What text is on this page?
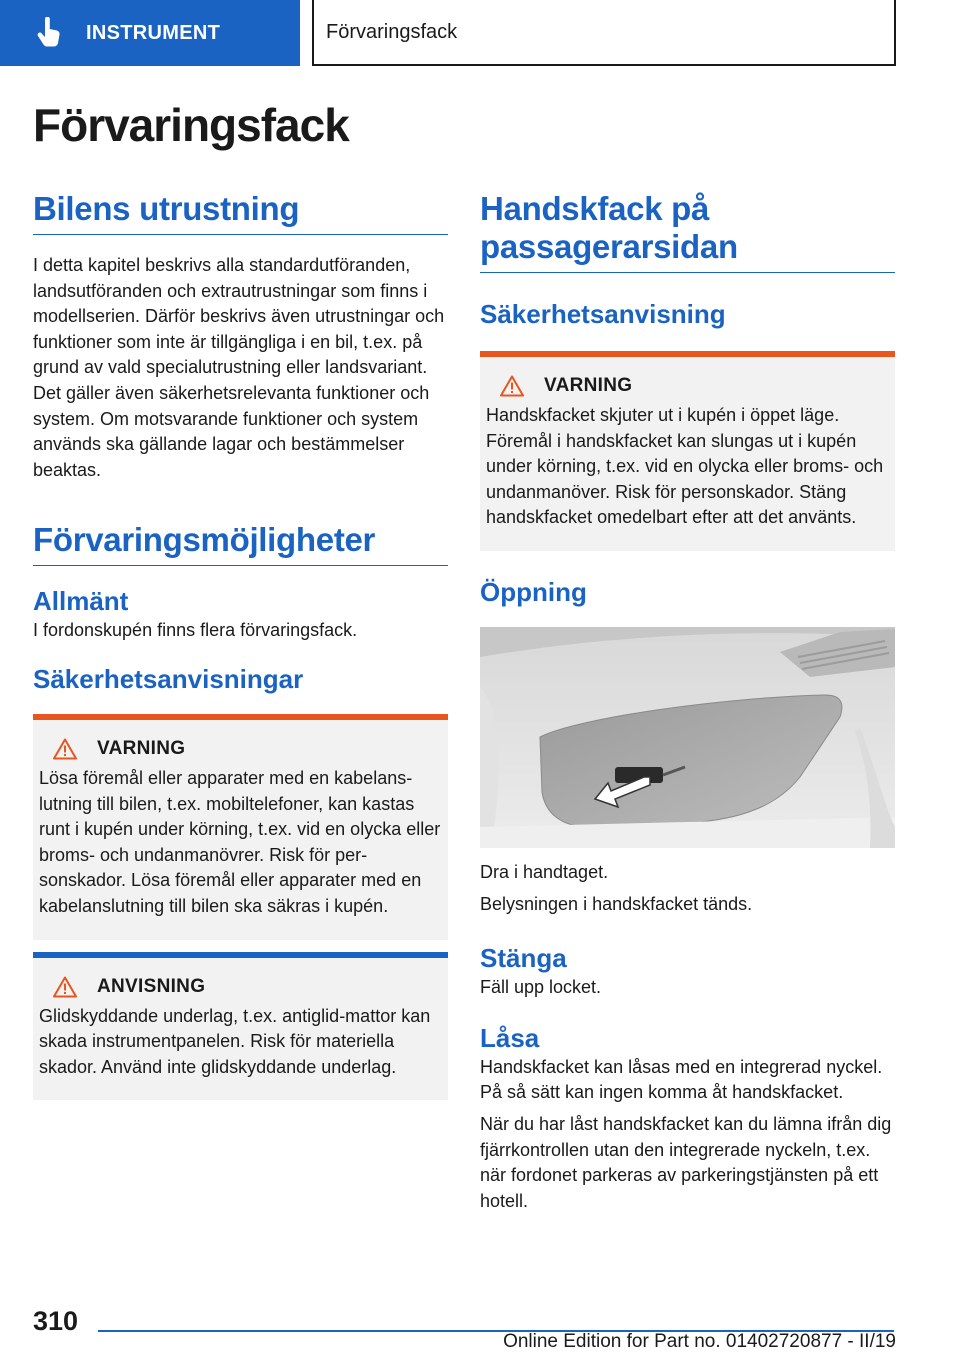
INSTRUMENT	Förvaringsfack
Förvaringsfack
Bilens utrustning

I detta kapitel beskrivs alla standardutföranden, landsutföranden och extrautrustningar som finns i modellserien. Därför beskrivs även utrustningar och funktioner som inte är tillgängliga i en bil, t.ex. på grund av vald specialutrustning eller landsvariant. Det gäller även säkerhetsrelevanta funktioner och system. Om motsvarande funktioner och system används ska gällande lagar och bestämmelser beaktas.

Förvaringsmöjligheter
Allmänt

I fordonskupén finns flera förvaringsfack.

Säkerhetsanvisningar
VARNING

Lösa föremål eller apparater med en kabelanslutning till bilen, t.ex. mobiltelefoner, kan kastas runt i kupén under körning, t.ex. vid en olycka eller broms- och undanmanövrer. Risk för personskador. Lösa föremål eller apparater med en kabelanslutning till bilen ska säkras i kupén.

ANVISNING

Glidskyddande underlag, t.ex. antiglid-mattor kan skada instrumentpanelen. Risk för materiella skador. Använd inte glidskyddande underlag.

Handskfack på passagerarsidan
Säkerhetsanvisning
VARNING

Handskfacket skjuter ut i kupén i öppet läge. Föremål i handskfacket kan slungas ut i kupén under körning, t.ex. vid en olycka eller broms- och undanmanöver. Risk för personskador. Stäng handskfacket omedelbart efter att det använts.

Öppning

Dra i handtaget.

Belysningen i handskfacket tänds.

Stänga

Fäll upp locket.

Låsa

Handskfacket kan låsas med en integrerad nyckel. På så sätt kan ingen komma åt handskfacket.

När du har låst handskfacket kan du lämna ifrån dig fjärrkontrollen utan den integrerade nyckeln, t.ex. när fordonet parkeras av parkeringstjänsten på ett hotell.

310
Online Edition for Part no. 01402720877 - II/19
